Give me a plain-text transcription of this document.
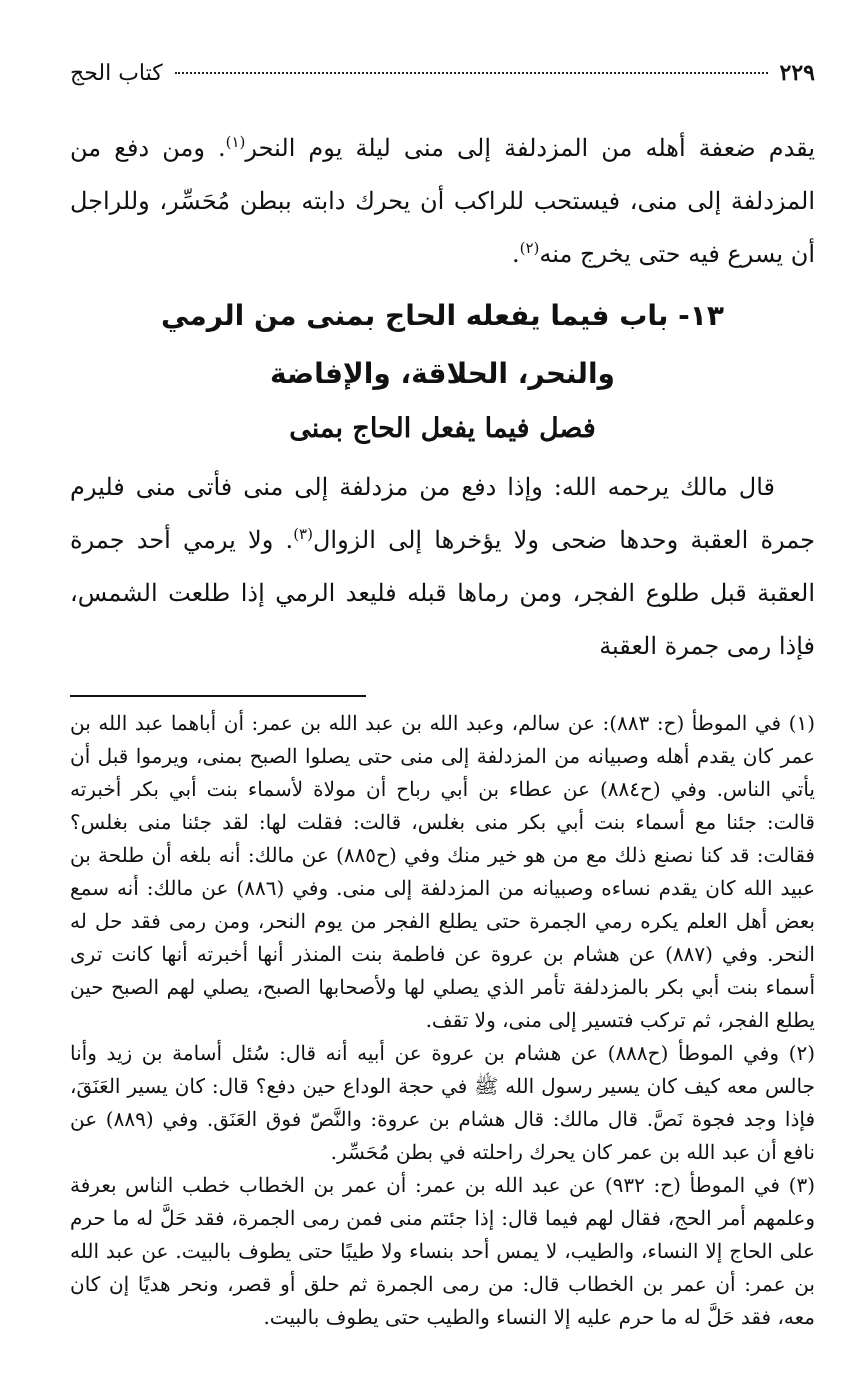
٢٢٩
كتاب الحج

يقدم ضعفة أهله من المزدلفة إلى منى ليلة يوم النحر$^{(١)}$. ومن دفع من المزدلفة إلى منى، فيستحب للراكب أن يحرك دابته ببطن مُحَسِّر، وللراجل أن يسرع فيه حتى يخرج منه$^{(٢)}$.

١٣- باب فيما يفعله الحاج بمنى من الرمي
والنحر، الحلاقة، والإفاضة
فصل فيما يفعل الحاج بمنى

قال مالك يرحمه الله: وإذا دفع من مزدلفة إلى منى فأتى منى فليرم جمرة العقبة وحدها ضحى ولا يؤخرها إلى الزوال$^{(٣)}$. ولا يرمي أحد جمرة العقبة قبل طلوع الفجر، ومن رماها قبله فليعد الرمي إذا طلعت الشمس، فإذا رمى جمرة العقبة

(١) في الموطأ (ح: ٨٨٣): عن سالم، وعبد الله بن عبد الله بن عمر: أن أباهما عبد الله بن عمر كان يقدم أهله وصبيانه من المزدلفة إلى منى حتى يصلوا الصبح بمنى، ويرموا قبل أن يأتي الناس. وفي (ح٨٨٤) عن عطاء بن أبي رباح أن مولاة لأسماء بنت أبي بكر أخبرته قالت: جئنا مع أسماء بنت أبي بكر منى بغلس، قالت: فقلت لها: لقد جئنا منى بغلس؟ فقالت: قد كنا نصنع ذلك مع من هو خير منك وفي (ح٨٨٥) عن مالك: أنه بلغه أن طلحة بن عبيد الله كان يقدم نساءه وصبيانه من المزدلفة إلى منى. وفي (٨٨٦) عن مالك: أنه سمع بعض أهل العلم يكره رمي الجمرة حتى يطلع الفجر من يوم النحر، ومن رمى فقد حل له النحر. وفي (٨٨٧) عن هشام بن عروة عن فاطمة بنت المنذر أنها أخبرته أنها كانت ترى أسماء بنت أبي بكر بالمزدلفة تأمر الذي يصلي لها ولأصحابها الصبح، يصلي لهم الصبح حين يطلع الفجر، ثم تركب فتسير إلى منى، ولا تقف.

(٢) وفي الموطأ (ح٨٨٨) عن هشام بن عروة عن أبيه أنه قال: سُئل أسامة بن زيد وأنا جالس معه كيف كان يسير رسول الله ﷺ في حجة الوداع حين دفع؟ قال: كان يسير العَنَقَ، فإذا وجد فجوة نَصَّ. قال مالك: قال هشام بن عروة: والنَّصّ فوق العَنَق. وفي (٨٨٩) عن نافع أن عبد الله بن عمر كان يحرك راحلته في بطن مُحَسِّر.

(٣) في الموطأ (ح: ٩٣٢) عن عبد الله بن عمر: أن عمر بن الخطاب خطب الناس بعرفة وعلمهم أمر الحج، فقال لهم فيما قال: إذا جئتم منى فمن رمى الجمرة، فقد حَلَّ له ما حرم على الحاج إلا النساء، والطيب، لا يمس أحد بنساء ولا طيبًا حتى يطوف بالبيت. عن عبد الله بن عمر: أن عمر بن الخطاب قال: من رمى الجمرة ثم حلق أو قصر، ونحر هديًا إن كان معه، فقد حَلَّ له ما حرم عليه إلا النساء والطيب حتى يطوف بالبيت.
